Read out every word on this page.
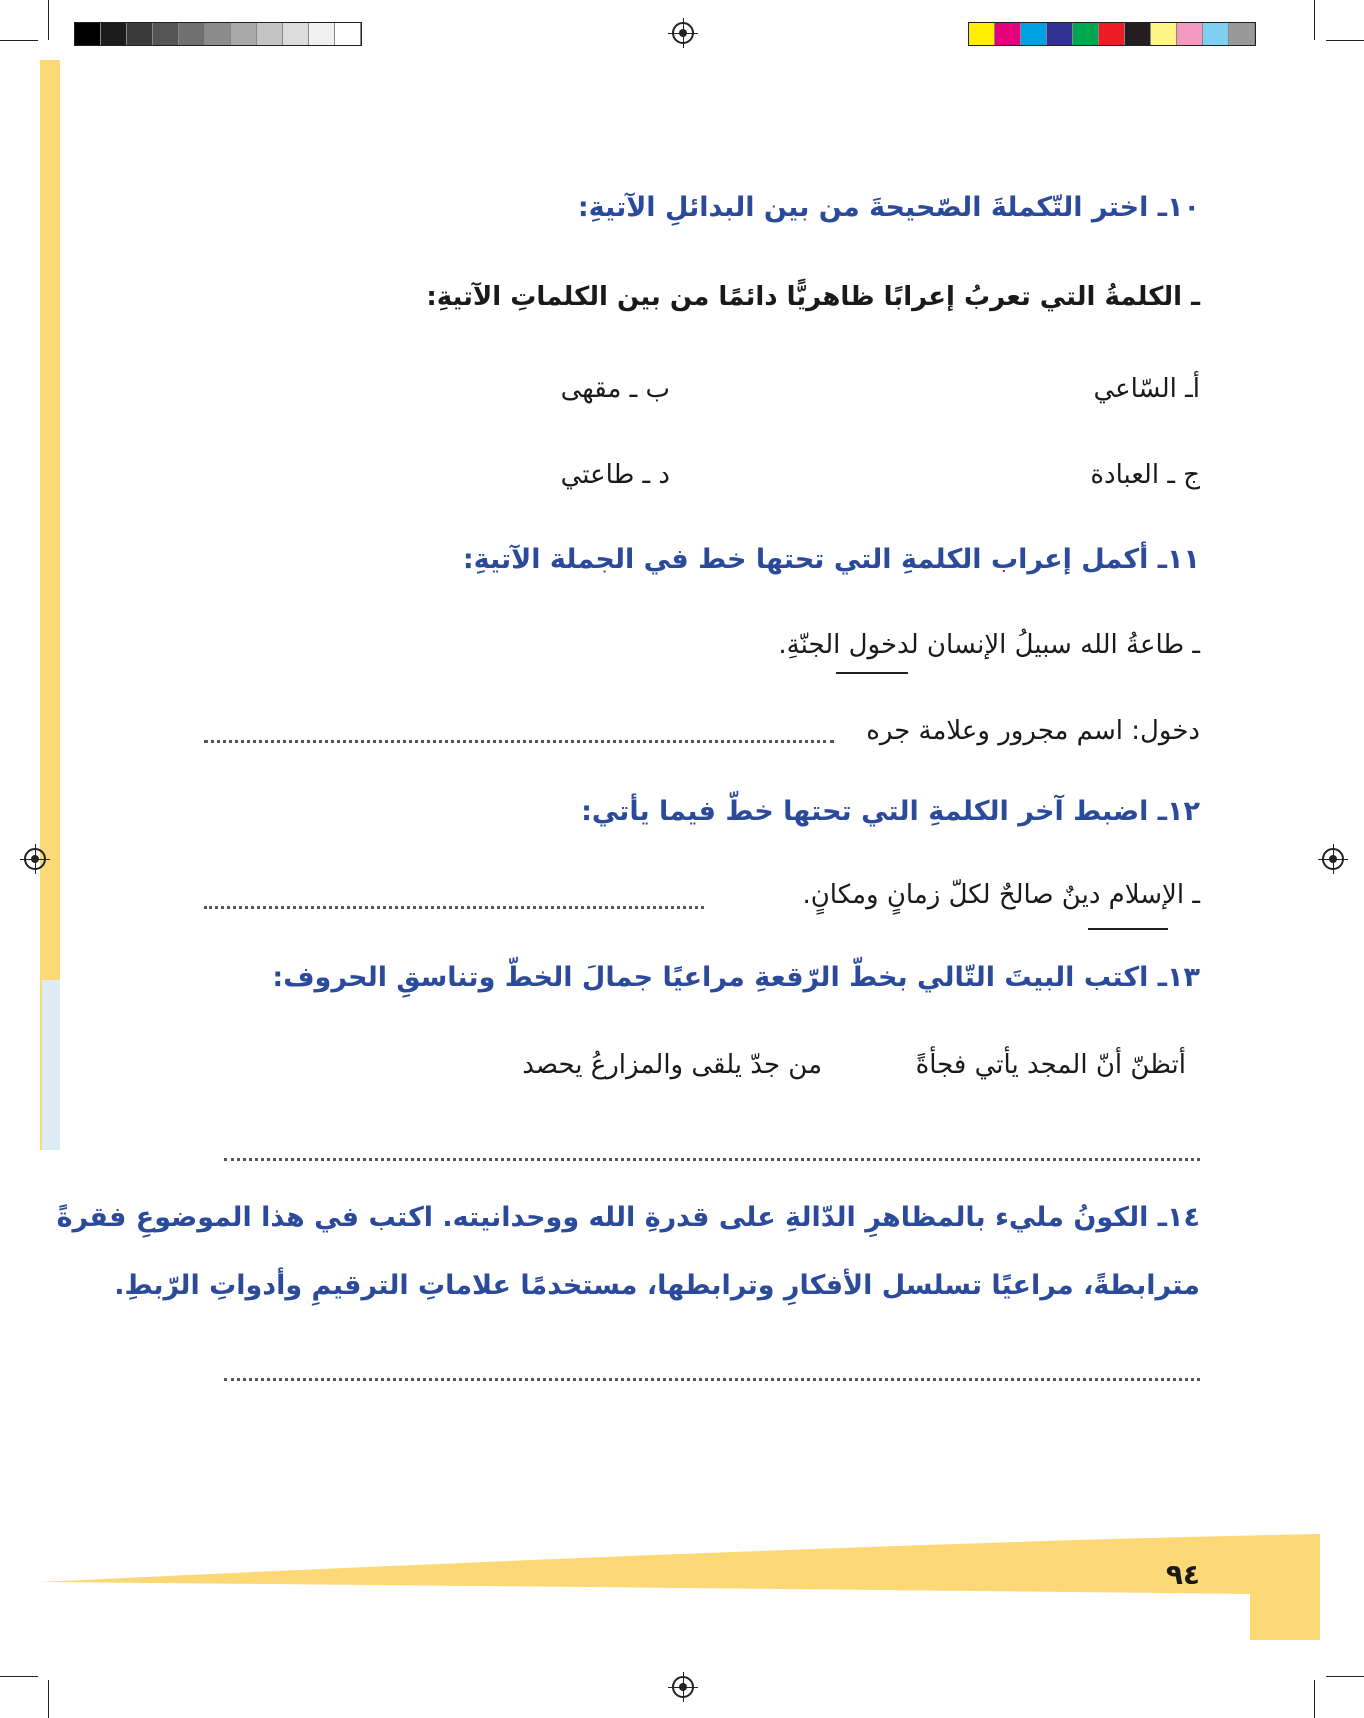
١٠ـ اختر التّكملةَ الصّحيحةَ من بين البدائلِ الآتيةِ:
ـ الكلمةُ التي تعربُ إعرابًا ظاهريًّا دائمًا من بين الكلماتِ الآتيةِ:
أـ السّاعي
ب ـ مقهى
ج ـ العبادة
د ـ طاعتي
١١ـ أكمل إعراب الكلمةِ التي تحتها خط في الجملة الآتيةِ:
ـ طاعةُ الله سبيلُ الإنسان لدخول الجنّةِ.
دخول: اسم مجرور وعلامة جره
١٢ـ اضبط آخر الكلمةِ التي تحتها خطّ فيما يأتي:
ـ الإسلام دينٌ صالحٌ لكلّ زمانٍ ومكانٍ.
١٣ـ اكتب البيتَ التّالي بخطّ الرّقعةِ مراعيًا جمالَ الخطّ وتناسقِ الحروف:
أتظنّ أنّ المجد يأتي فجأةً
من جدّ يلقى والمزارعُ يحصد
١٤ـ الكونُ مليء بالمظاهرِ الدّالةِ على قدرةِ الله ووحدانيته. اكتب في هذا الموضوعِ فقرةً
مترابطةً، مراعيًا تسلسل الأفكارِ وترابطها، مستخدمًا علاماتِ الترقيمِ وأدواتِ الرّبطِ.
٩٤
